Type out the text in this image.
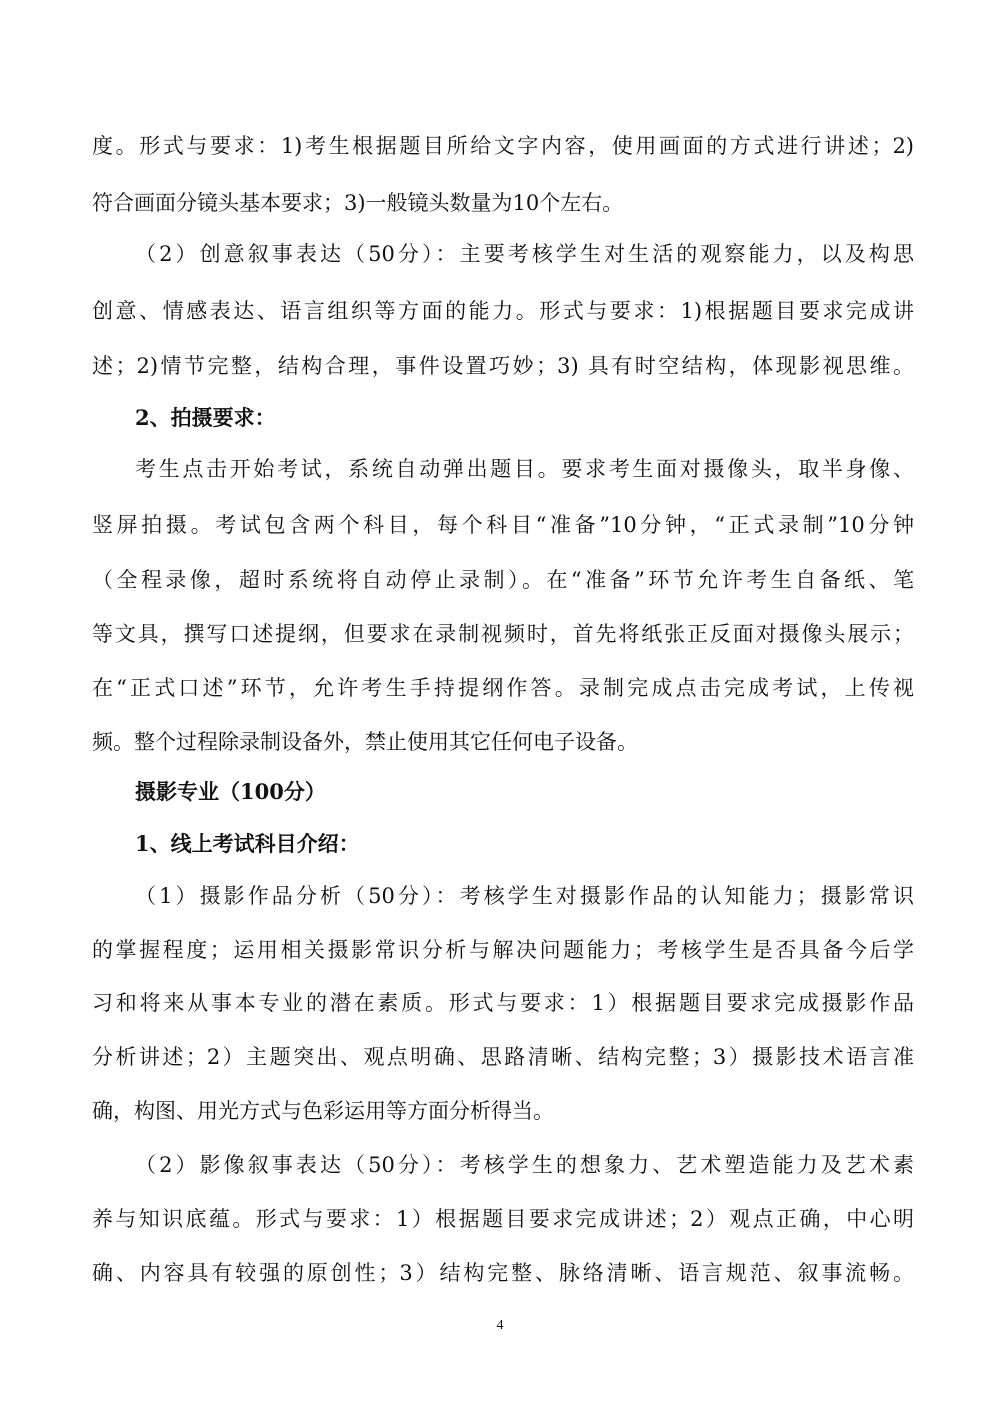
度。形式与要求：1)考生根据题目所给文字内容，使用画面的方式进行讲述；2)
符合画面分镜头基本要求；3)一般镜头数量为10个左右。
（2）创意叙事表达（50分）：主要考核学生对生活的观察能力，以及构思
创意、情感表达、语言组织等方面的能力。形式与要求：1)根据题目要求完成讲
述；2)情节完整，结构合理，事件设置巧妙；3) 具有时空结构，体现影视思维。
2、拍摄要求：
考生点击开始考试，系统自动弹出题目。要求考生面对摄像头，取半身像、
竖屏拍摄。考试包含两个科目，每个科目“准备”10分钟，“正式录制”10分钟
（全程录像，超时系统将自动停止录制）。在“准备”环节允许考生自备纸、笔
等文具，撰写口述提纲，但要求在录制视频时，首先将纸张正反面对摄像头展示；
在“正式口述”环节，允许考生手持提纲作答。录制完成点击完成考试，上传视
频。整个过程除录制设备外，禁止使用其它任何电子设备。
摄影专业（100分）
1、线上考试科目介绍：
（1）摄影作品分析（50分）：考核学生对摄影作品的认知能力；摄影常识
的掌握程度；运用相关摄影常识分析与解决问题能力；考核学生是否具备今后学
习和将来从事本专业的潜在素质。形式与要求：1）根据题目要求完成摄影作品
分析讲述；2）主题突出、观点明确、思路清晰、结构完整；3）摄影技术语言准
确，构图、用光方式与色彩运用等方面分析得当。
（2）影像叙事表达（50分）：考核学生的想象力、艺术塑造能力及艺术素
养与知识底蕴。形式与要求：1）根据题目要求完成讲述；2）观点正确，中心明
确、内容具有较强的原创性；3）结构完整、脉络清晰、语言规范、叙事流畅。
4
